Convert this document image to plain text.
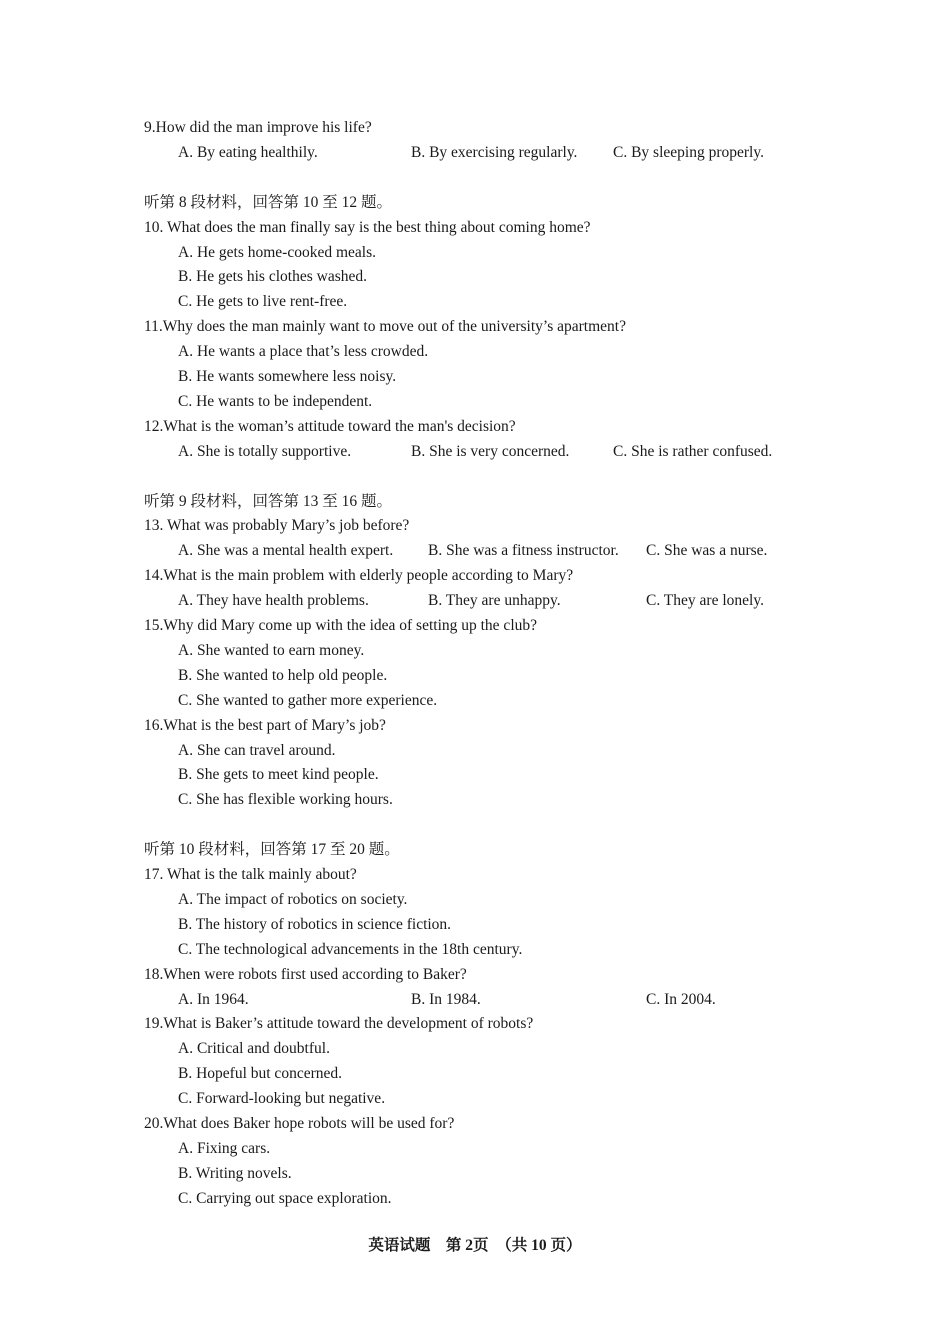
9.How did the man improve his life?
A. By eating healthily.	B. By exercising regularly. C. By sleeping properly.
听第 8 段材料，回答第 10 至 12 题。
10. What does the man finally say is the best thing about coming home?
A. He gets home-cooked meals.
B. He gets his clothes washed.
C. He gets to live rent-free.
11.Why does the man mainly want to move out of the university’s apartment?
A. He wants a place that’s less crowded.
B. He wants somewhere less noisy.
C. He wants to be independent.
12.What is the woman’s attitude toward the man's decision?
A. She is totally supportive.	B. She is very concerned.	C. She is rather confused.
听第 9 段材料，回答第 13 至 16 题。
13. What was probably Mary’s job before?
A. She was a mental health expert. B. She was a fitness instructor. C. She was a nurse.
14.What is the main problem with elderly people according to Mary?
A. They have health problems.	B. They are unhappy.	C. They are lonely.
15.Why did Mary come up with the idea of setting up the club?
A. She wanted to earn money.
B. She wanted to help old people.
C. She wanted to gather more experience.
16.What is the best part of Mary’s job?
A. She can travel around.
B. She gets to meet kind people.
C. She has flexible working hours.
听第 10 段材料，回答第 17 至 20 题。
17. What is the talk mainly about?
A. The impact of robotics on society.
B. The history of robotics in science fiction.
C. The technological advancements in the 18th century.
18.When were robots first used according to Baker?
A. In 1964.	B. In 1984.	C. In 2004.
19.What is Baker’s attitude toward the development of robots?
A. Critical and doubtful.
B. Hopeful but concerned.
C. Forward-looking but negative.
20.What does Baker hope robots will be used for?
A. Fixing cars.
B. Writing novels.
C. Carrying out space exploration.
英语试题　第 2页　（共 10 页）
